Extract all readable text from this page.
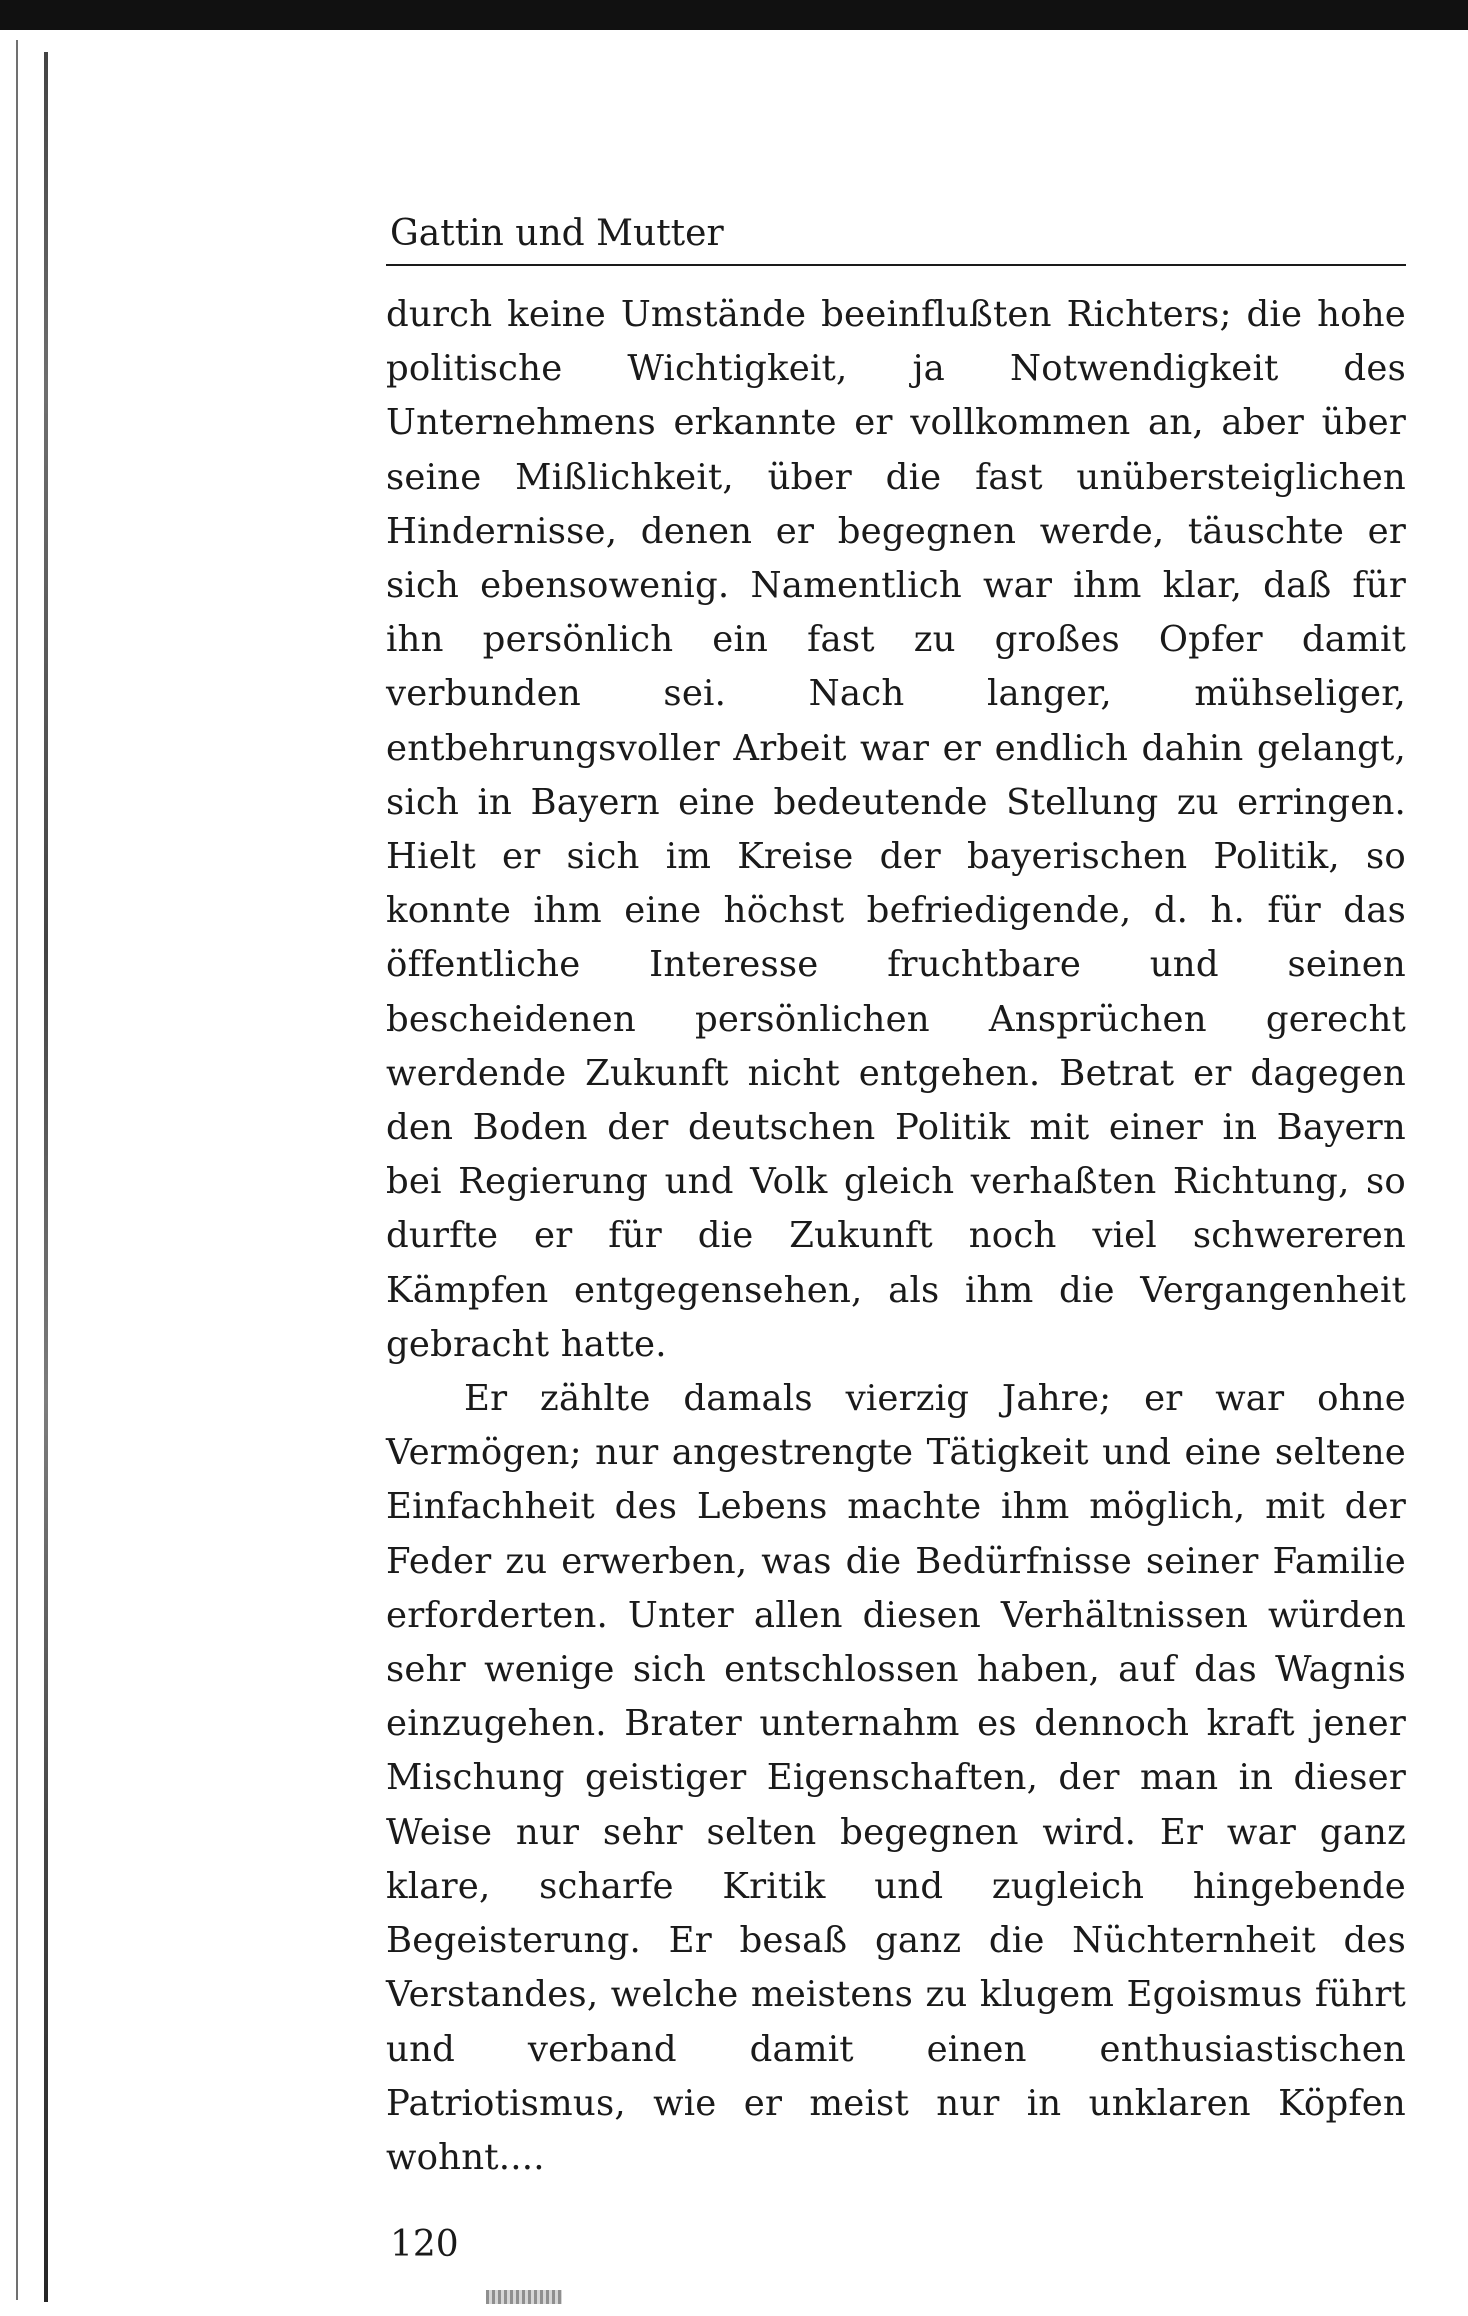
Gattin und Mutter

durch keine Umstände beeinflußten Richters; die hohe politische Wichtigkeit, ja Notwendigkeit des Unternehmens erkannte er vollkommen an, aber über seine Mißlichkeit, über die fast unübersteiglichen Hindernisse, denen er begegnen werde, täuschte er sich ebensowenig. Namentlich war ihm klar, daß für ihn persönlich ein fast zu großes Opfer damit verbunden sei. Nach langer, mühseliger, entbehrungsvoller Arbeit war er endlich dahin gelangt, sich in Bayern eine bedeutende Stellung zu erringen. Hielt er sich im Kreise der bayerischen Politik, so konnte ihm eine höchst befriedigende, d. h. für das öffentliche Interesse fruchtbare und seinen bescheidenen persönlichen Ansprüchen gerecht werdende Zukunft nicht entgehen. Betrat er dagegen den Boden der deutschen Politik mit einer in Bayern bei Regierung und Volk gleich verhaßten Richtung, so durfte er für die Zukunft noch viel schwereren Kämpfen entgegensehen, als ihm die Vergangenheit gebracht hatte.

Er zählte damals vierzig Jahre; er war ohne Vermögen; nur angestrengte Tätigkeit und eine seltene Einfachheit des Lebens machte ihm möglich, mit der Feder zu erwerben, was die Bedürfnisse seiner Familie erforderten. Unter allen diesen Verhältnissen würden sehr wenige sich entschlossen haben, auf das Wagnis einzugehen. Brater unternahm es dennoch kraft jener Mischung geistiger Eigenschaften, der man in dieser Weise nur sehr selten begegnen wird. Er war ganz klare, scharfe Kritik und zugleich hingebende Begeisterung. Er besaß ganz die Nüchternheit des Verstandes, welche meistens zu klugem Egoismus führt und verband damit einen enthusiastischen Patriotismus, wie er meist nur in unklaren Köpfen wohnt....

120
